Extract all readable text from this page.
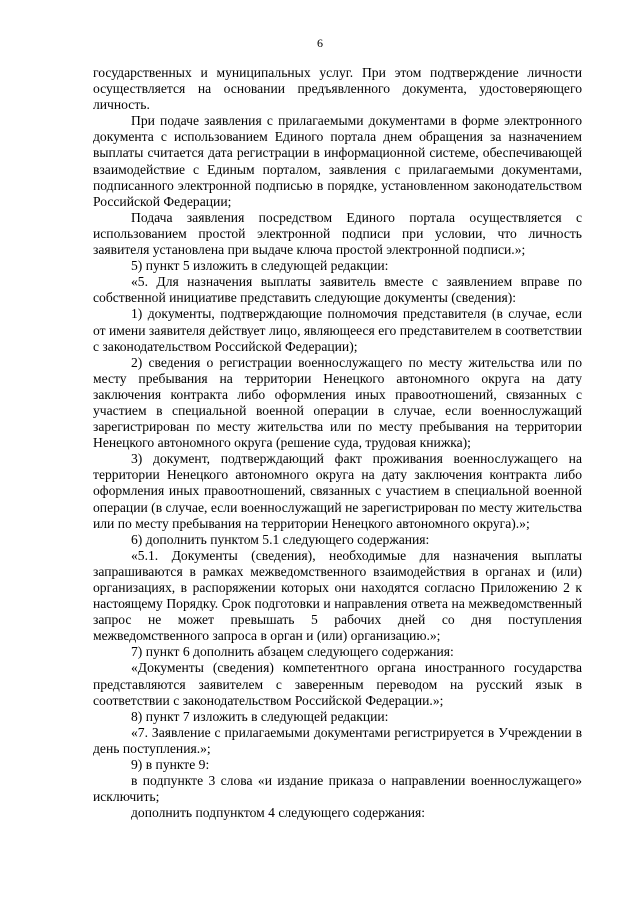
6

государственных и муниципальных услуг. При этом подтверждение личности осуществляется на основании предъявленного документа, удостоверяющего личность.

При подаче заявления с прилагаемыми документами в форме электронного документа с использованием Единого портала днем обращения за назначением выплаты считается дата регистрации в информационной системе, обеспечивающей взаимодействие с Единым порталом, заявления с прилагаемыми документами, подписанного электронной подписью в порядке, установленном законодательством Российской Федерации;

Подача заявления посредством Единого портала осуществляется с использованием простой электронной подписи при условии, что личность заявителя установлена при выдаче ключа простой электронной подписи.»;

5) пункт 5 изложить в следующей редакции:

«5. Для назначения выплаты заявитель вместе с заявлением вправе по собственной инициативе представить следующие документы (сведения):

1) документы, подтверждающие полномочия представителя (в случае, если от имени заявителя действует лицо, являющееся его представителем в соответствии с законодательством Российской Федерации);

2) сведения о регистрации военнослужащего по месту жительства или по месту пребывания на территории Ненецкого автономного округа на дату заключения контракта либо оформления иных правоотношений, связанных с участием в специальной военной операции в случае, если военнослужащий зарегистрирован по месту жительства или по месту пребывания на территории Ненецкого автономного округа (решение суда, трудовая книжка);

3) документ, подтверждающий факт проживания военнослужащего на территории Ненецкого автономного округа на дату заключения контракта либо оформления иных правоотношений, связанных с участием в специальной военной операции (в случае, если военнослужащий не зарегистрирован по месту жительства или по месту пребывания на территории Ненецкого автономного округа).»;

6) дополнить пунктом 5.1 следующего содержания:

«5.1. Документы (сведения), необходимые для назначения выплаты запрашиваются в рамках межведомственного взаимодействия в органах и (или) организациях, в распоряжении которых они находятся согласно Приложению 2 к настоящему Порядку. Срок подготовки и направления ответа на межведомственный запрос не может превышать 5 рабочих дней со дня поступления межведомственного запроса в орган и (или) организацию.»;

7) пункт 6 дополнить абзацем следующего содержания:

«Документы (сведения) компетентного органа иностранного государства представляются заявителем с заверенным переводом на русский язык в соответствии с законодательством Российской Федерации.»;

8) пункт 7 изложить в следующей редакции:

«7. Заявление с прилагаемыми документами регистрируется в Учреждении в день поступления.»;

9) в пункте 9:

в подпункте 3 слова «и издание приказа о направлении военнослужащего» исключить;

дополнить подпунктом 4 следующего содержания:
